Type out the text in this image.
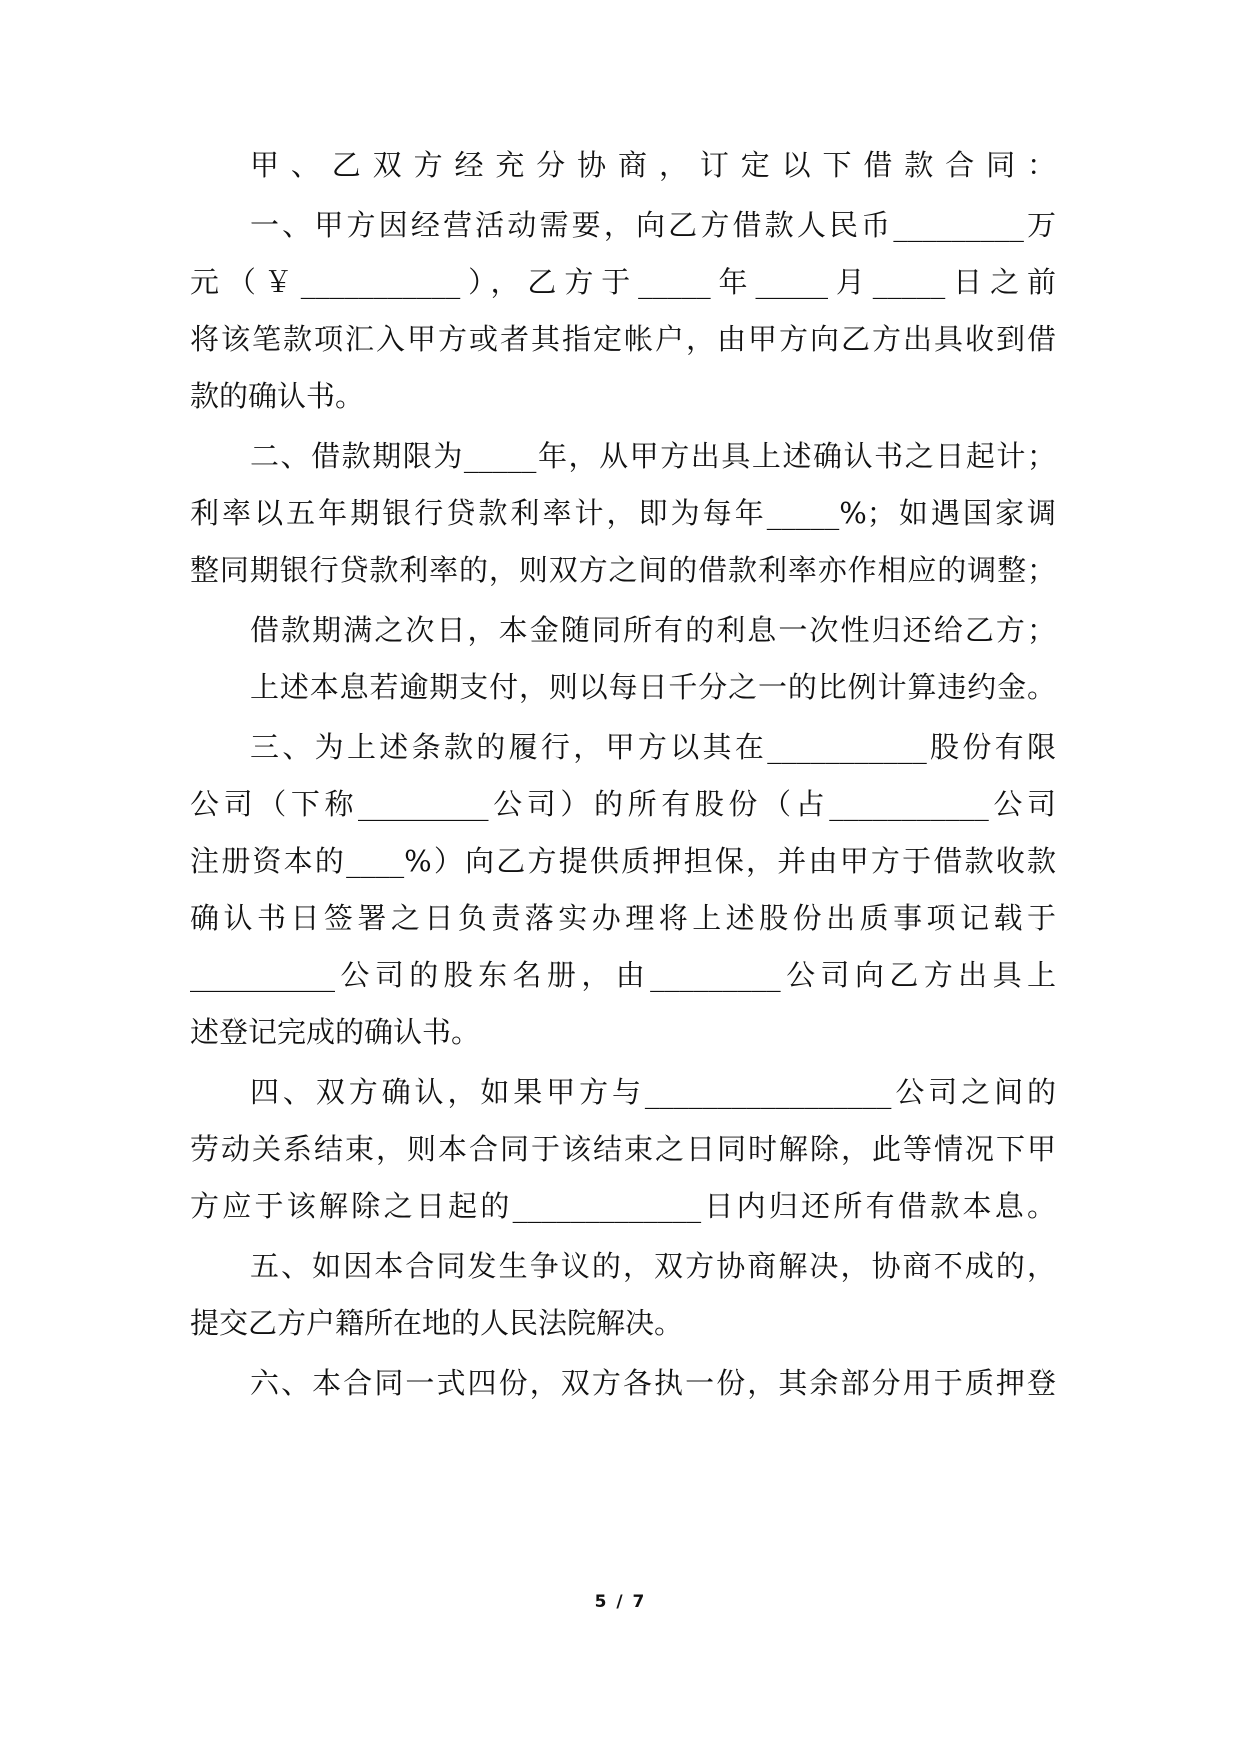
甲、乙双方经充分协商，订定以下借款合同：
一、甲方因经营活动需要，向乙方借款人民币_________万
元（￥___________），乙方于_____年_____月_____日之前
将该笔款项汇入甲方或者其指定帐户，由甲方向乙方出具收到借
款的确认书。
二、借款期限为_____年，从甲方出具上述确认书之日起计；
利率以五年期银行贷款利率计，即为每年_____%；如遇国家调
整同期银行贷款利率的，则双方之间的借款利率亦作相应的调整；
借款期满之次日，本金随同所有的利息一次性归还给乙方；
上述本息若逾期支付，则以每日千分之一的比例计算违约金。
三、为上述条款的履行，甲方以其在___________股份有限
公司（下称_________公司）的所有股份（占___________公司
注册资本的____%）向乙方提供质押担保，并由甲方于借款收款
确认书日签署之日负责落实办理将上述股份出质事项记载于
__________公司的股东名册，由_________公司向乙方出具上
述登记完成的确认书。
四、双方确认，如果甲方与_________________公司之间的
劳动关系结束，则本合同于该结束之日同时解除，此等情况下甲
方应于该解除之日起的_____________日内归还所有借款本息。
五、如因本合同发生争议的，双方协商解决，协商不成的，
提交乙方户籍所在地的人民法院解决。
六、本合同一式四份，双方各执一份，其余部分用于质押登
5 / 7
